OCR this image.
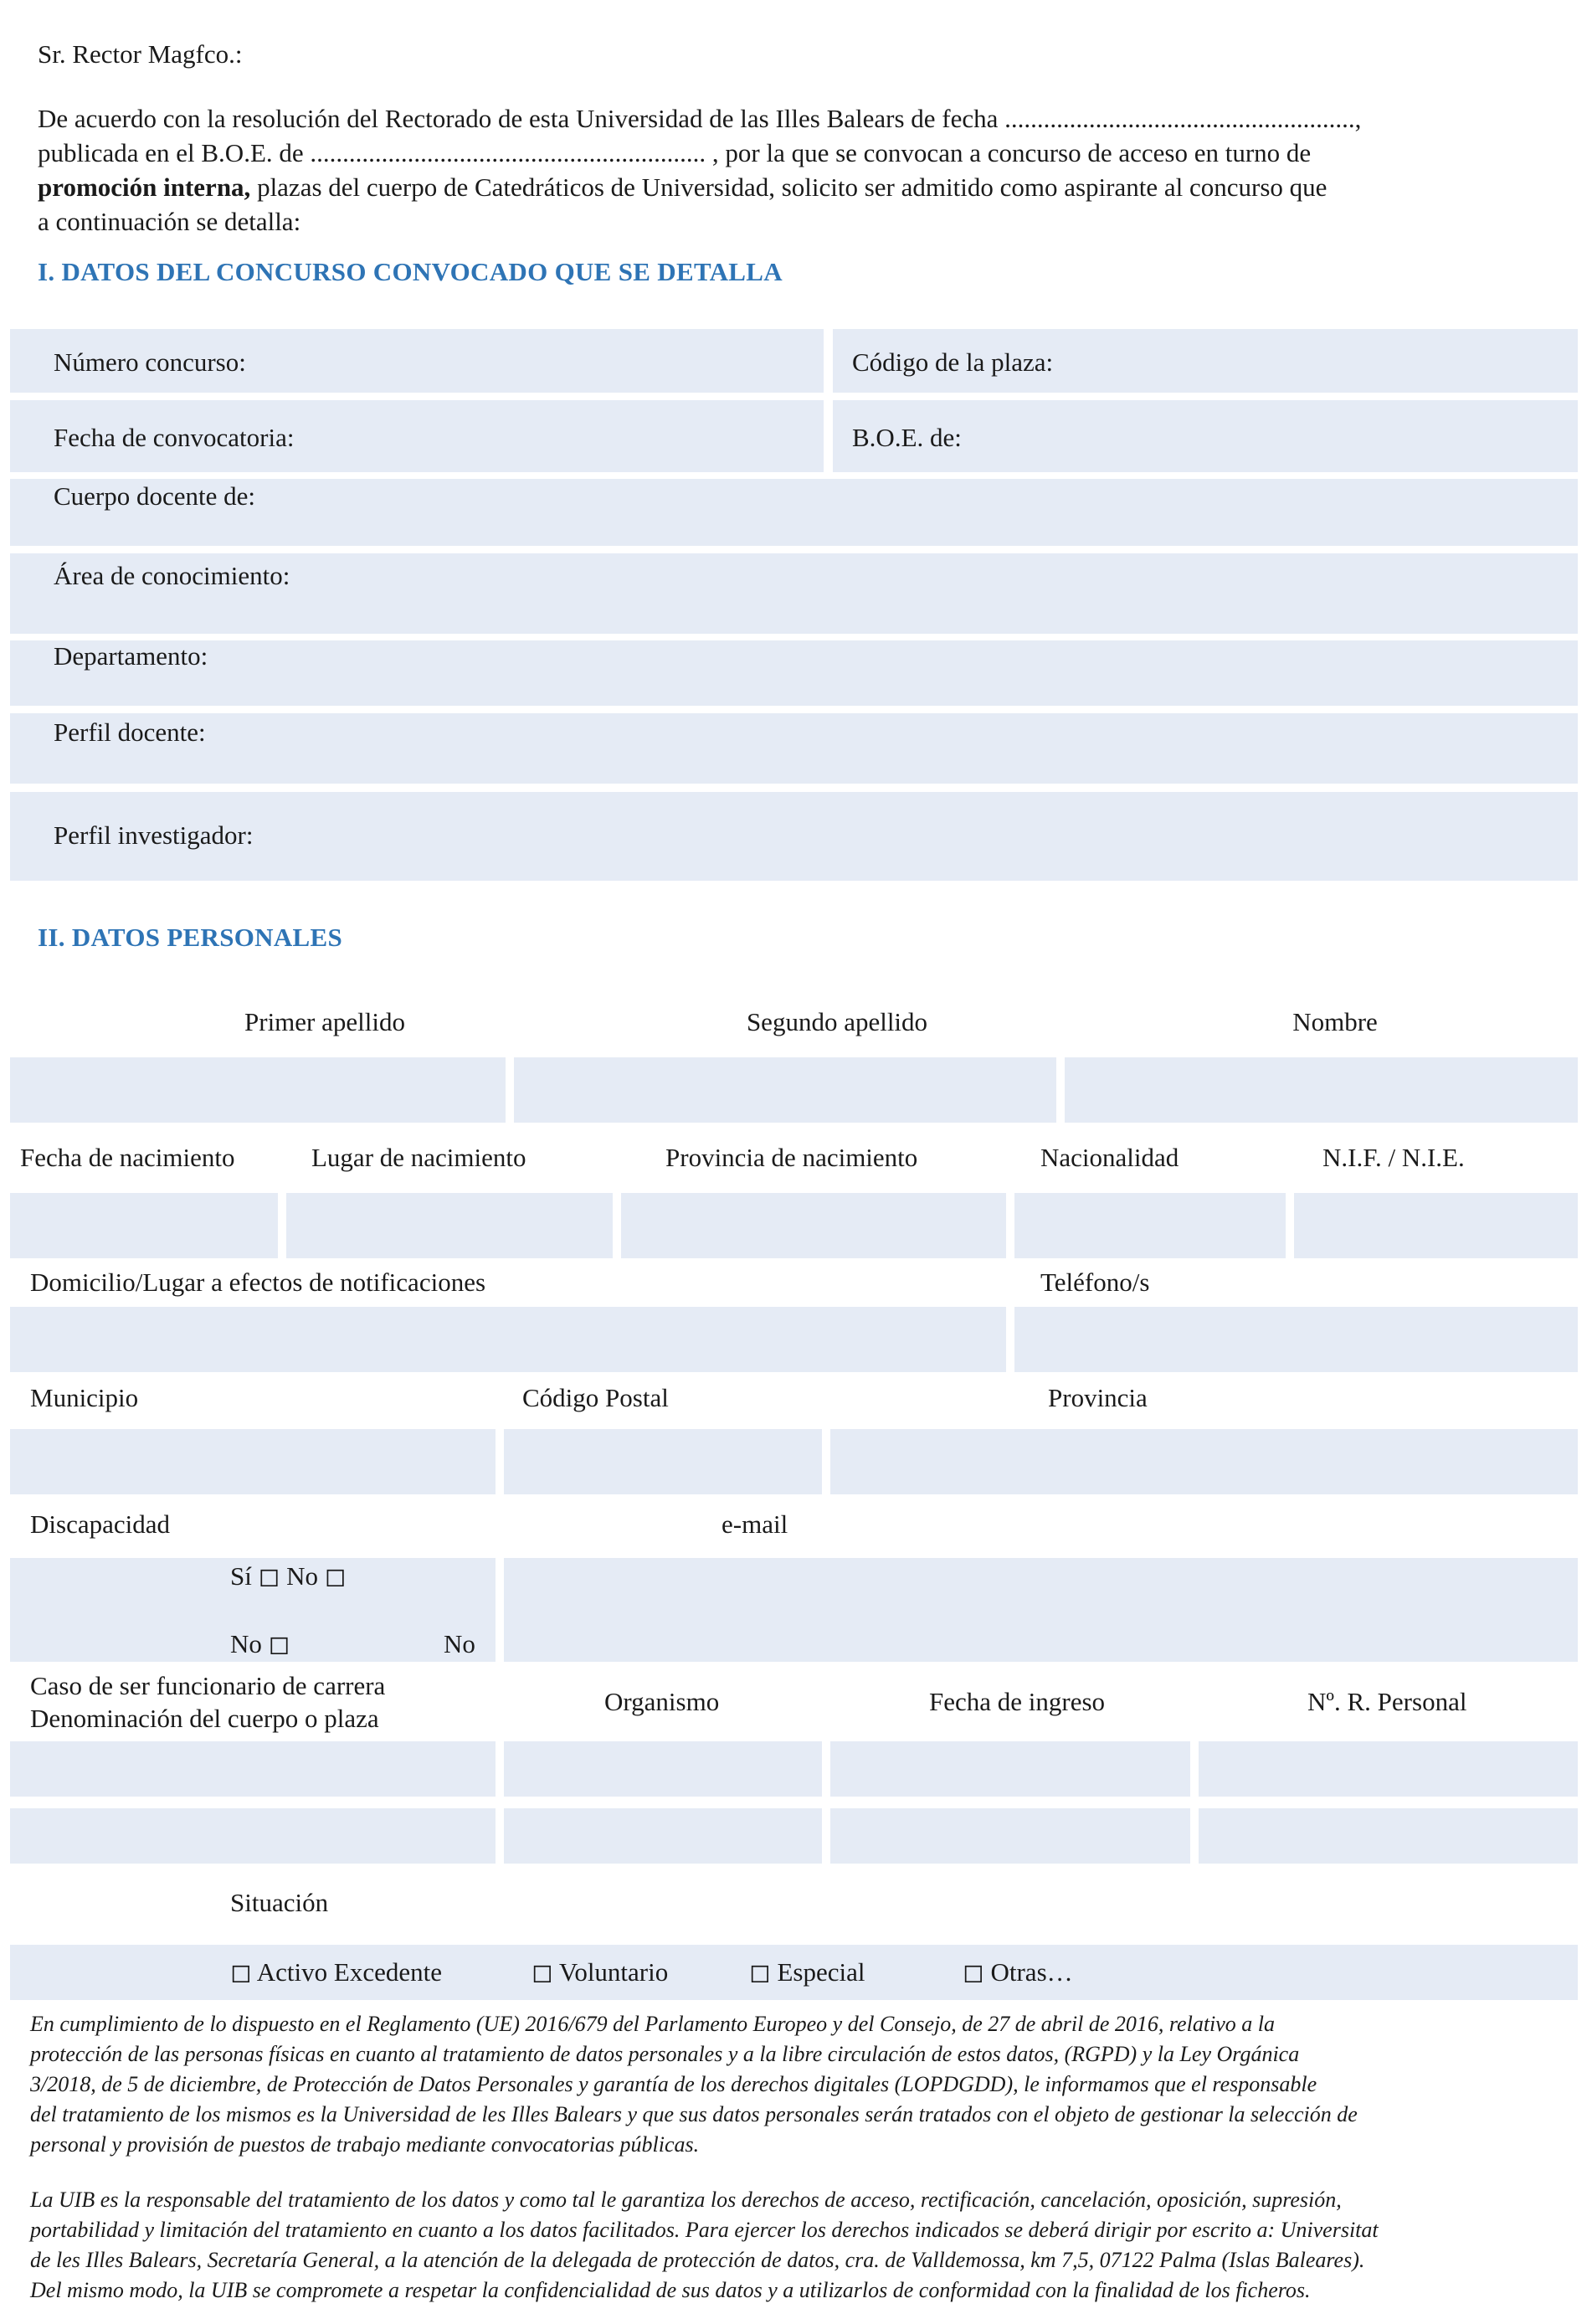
Sr. Rector Magfco.:
De acuerdo con la resolución del Rectorado de esta Universidad de las Illes Balears de fecha ......................................................,
publicada en el B.O.E. de ............................................................. , por la que se convocan a concurso de acceso en turno de
promoción interna, plazas del cuerpo de Catedráticos de Universidad, solicito ser admitido como aspirante al concurso que
a continuación se detalla:
I. DATOS DEL CONCURSO CONVOCADO QUE SE DETALLA
Número concurso:	Código de la plaza:
Fecha de convocatoria:	B.O.E. de:
Cuerpo docente de:
Área de conocimiento:
Departamento:
Perfil docente:
Perfil investigador:
II. DATOS PERSONALES
Primer apellido	Segundo apellido	Nombre
Fecha de nacimiento	Lugar de nacimiento	Provincia de nacimiento	Nacionalidad	N.I.F. / N.I.E.
Domicilio/Lugar a efectos de notificaciones	Teléfono/s
Municipio	Código Postal	Provincia
Discapacidad	e-mail
Sí ◻ No ◻
No ◻	No
Caso de ser funcionario de carrera
Denominación del cuerpo o plaza
Organismo	Fecha de ingreso	Nº. R. Personal
Situación
◻ Activo Excedente	◻ Voluntario	◻ Especial	◻ Otras…
En cumplimiento de lo dispuesto en el Reglamento (UE) 2016/679 del Parlamento Europeo y del Consejo, de 27 de abril de 2016, relativo a la
protección de las personas físicas en cuanto al tratamiento de datos personales y a la libre circulación de estos datos, (RGPD) y la Ley Orgánica
3/2018, de 5 de diciembre, de Protección de Datos Personales y garantía de los derechos digitales (LOPDGDD), le informamos que el responsable
del tratamiento de los mismos es la Universidad de les Illes Balears y que sus datos personales serán tratados con el objeto de gestionar la selección de
personal y provisión de puestos de trabajo mediante convocatorias públicas.
La UIB es la responsable del tratamiento de los datos y como tal le garantiza los derechos de acceso, rectificación, cancelación, oposición, supresión,
portabilidad y limitación del tratamiento en cuanto a los datos facilitados. Para ejercer los derechos indicados se deberá dirigir por escrito a: Universitat
de les Illes Balears, Secretaría General, a la atención de la delegada de protección de datos, cra. de Valldemossa, km 7,5, 07122 Palma (Islas Baleares).
Del mismo modo, la UIB se compromete a respetar la confidencialidad de sus datos y a utilizarlos de conformidad con la finalidad de los ficheros.
